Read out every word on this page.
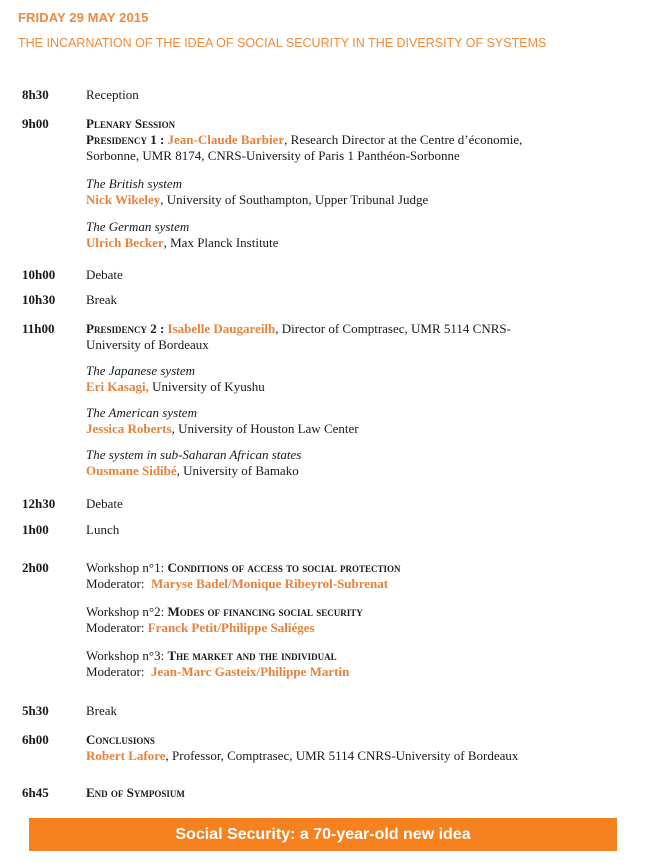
FRIDAY 29 MAY 2015
THE INCARNATION OF THE IDEA OF SOCIAL SECURITY IN THE DIVERSITY OF SYSTEMS
8h30	Reception
9h00	Plenary Session
Presidency 1 : Jean-Claude Barbier, Research Director at the Centre d’économie,
Sorbonne, UMR 8174, CNRS-University of Paris 1 Panthéon-Sorbonne
The British system
Nick Wikeley, University of Southampton, Upper Tribunal Judge
The German system
Ulrich Becker, Max Planck Institute
10h00 Debate
10h30 Break
11h00 Presidency 2 : Isabelle Daugareilh, Director of Comptrasec, UMR 5114 CNRS-
University of Bordeaux
The Japanese system
Eri Kasagi, University of Kyushu
The American system
Jessica Roberts, University of Houston Law Center
The system in sub-Saharan African states
Ousmane Sidibé, University of Bamako
12h30 Debate
1h00	Lunch
2h00	Workshop n°1: Conditions of access to social protection
Moderator:  Maryse Badel/Monique Ribeyrol-Subrenat
Workshop n°2: Modes of financing social security
Moderator: Franck Petit/Philippe Saliéges
Workshop n°3: The market and the individual
Moderator:  Jean-Marc Gasteix/Philippe Martin
5h30	Break
6h00	Conclusions
Robert Lafore, Professor, Comptrasec, UMR 5114 CNRS-University of Bordeaux
6h45	End of Symposium
Social Security: a 70-year-old new idea
